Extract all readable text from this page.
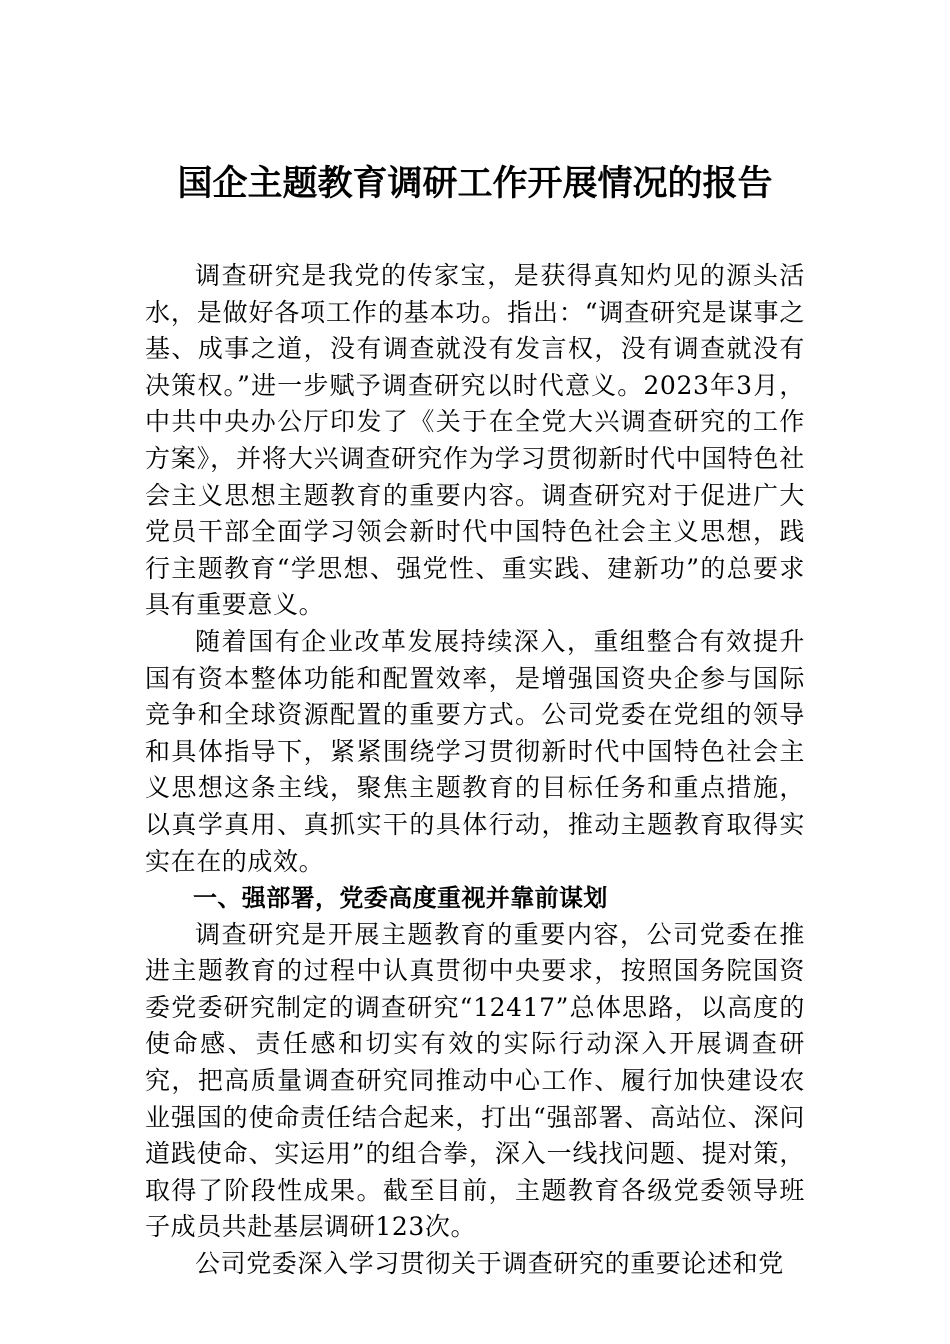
国企主题教育调研工作开展情况的报告

调查研究是我党的传家宝，是获得真知灼见的源头活水，是做好各项工作的基本功。指出：“调查研究是谋事之基、成事之道，没有调查就没有发言权，没有调查就没有决策权。”进一步赋予调查研究以时代意义。2023年3月，中共中央办公厅印发了《关于在全党大兴调查研究的工作方案》，并将大兴调查研究作为学习贯彻新时代中国特色社会主义思想主题教育的重要内容。调查研究对于促进广大党员干部全面学习领会新时代中国特色社会主义思想，践行主题教育“学思想、强党性、重实践、建新功”的总要求具有重要意义。

随着国有企业改革发展持续深入，重组整合有效提升国有资本整体功能和配置效率，是增强国资央企参与国际竞争和全球资源配置的重要方式。公司党委在党组的领导和具体指导下，紧紧围绕学习贯彻新时代中国特色社会主义思想这条主线，聚焦主题教育的目标任务和重点措施，以真学真用、真抓实干的具体行动，推动主题教育取得实实在在的成效。

一、强部署，党委高度重视并靠前谋划

调查研究是开展主题教育的重要内容，公司党委在推进主题教育的过程中认真贯彻中央要求，按照国务院国资委党委研究制定的调查研究“12417”总体思路，以高度的使命感、责任感和切实有效的实际行动深入开展调查研究，把高质量调查研究同推动中心工作、履行加快建设农业强国的使命责任结合起来，打出“强部署、高站位、深问道践使命、实运用”的组合拳，深入一线找问题、提对策，取得了阶段性成果。截至目前，主题教育各级党委领导班子成员共赴基层调研123次。

公司党委深入学习贯彻关于调查研究的重要论述和党
